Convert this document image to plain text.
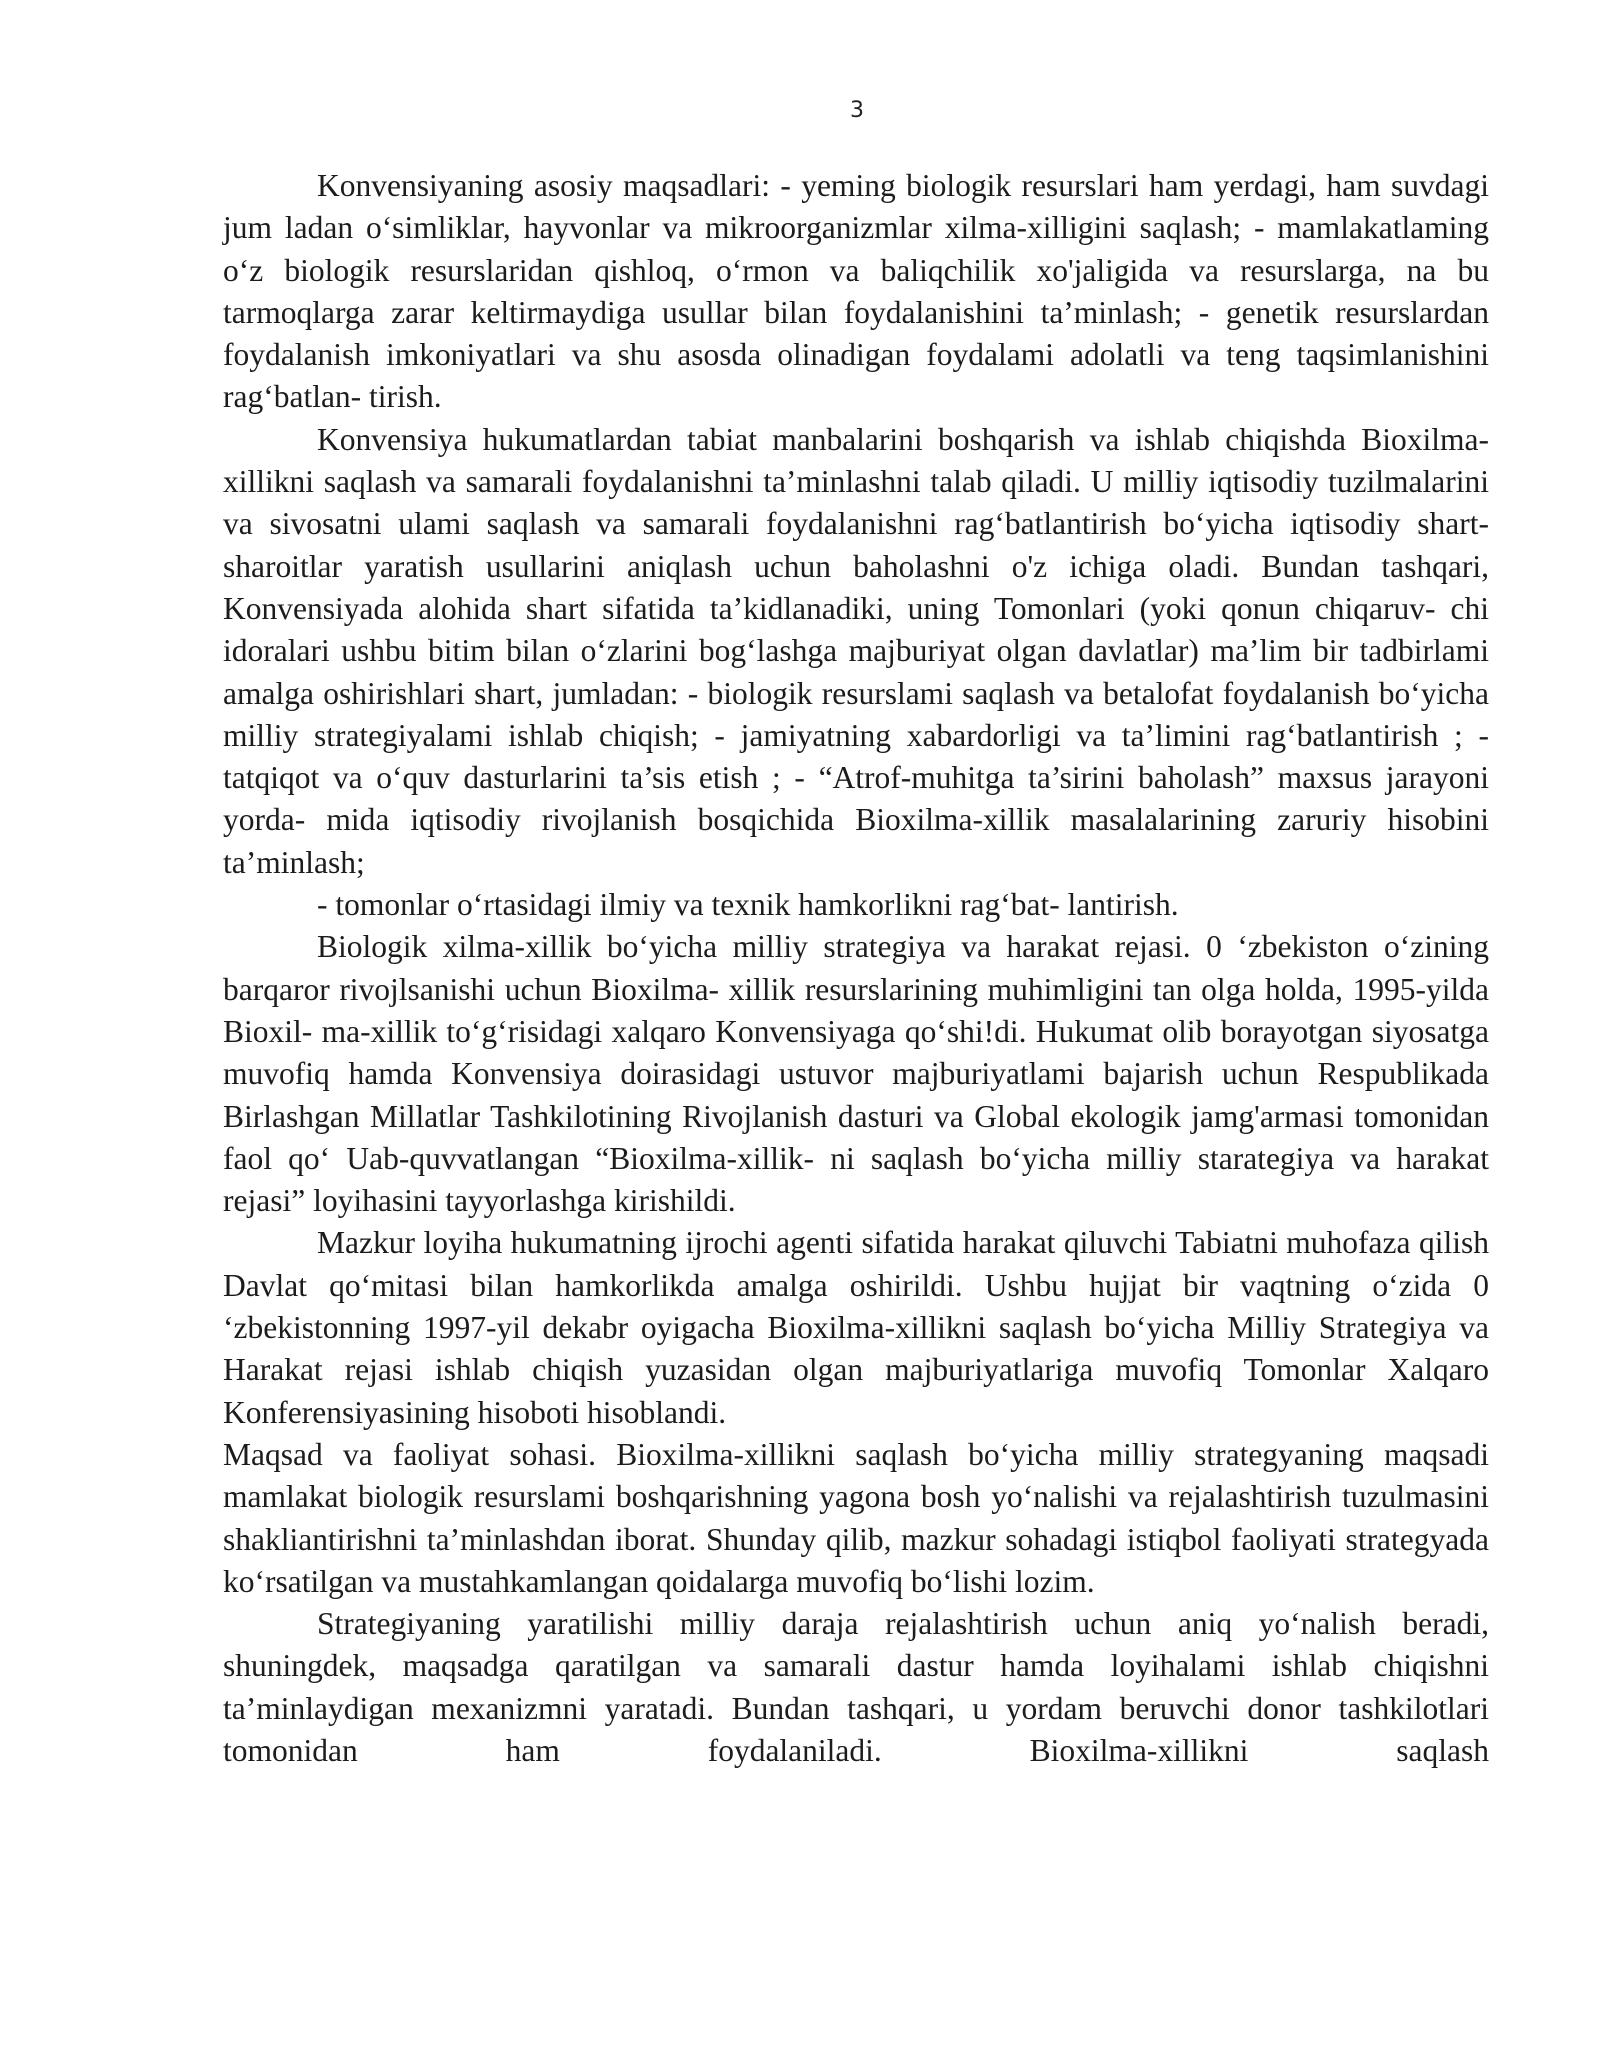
3

Konvensiyaning asosiy maqsadlari: - yeming biologik resurslari ham yerdagi, ham suvdagi jum ladan o‘simliklar, hayvonlar va mikroorganizmlar xilma-xilligini saqlash; - mamlakatlaming o‘z biologik resurslaridan qishloq, o‘rmon va baliqchilik xo'jaligida va resurslarga, na bu tarmoqlarga zarar keltirmaydiga usullar bilan foydalanishini ta’minlash; - genetik resurslardan foydalanish imkoniyatlari va shu asosda olinadigan foydalami adolatli va teng taqsimlanishini rag‘batlan- tirish.

Konvensiya hukumatlardan tabiat manbalarini boshqarish va ishlab chiqishda Bioxilma-xillikni saqlash va samarali foydalanishni ta’minlashni talab qiladi. U milliy iqtisodiy tuzilmalarini va sivosatni ulami saqlash va samarali foydalanishni rag‘batlantirish bo‘yicha iqtisodiy shart-sharoitlar yaratish usullarini aniqlash uchun baholashni o'z ichiga oladi. Bundan tashqari, Konvensiyada alohida shart sifatida ta’kidlanadiki, uning Tomonlari (yoki qonun chiqaruv- chi idoralari ushbu bitim bilan o‘zlarini bog‘lashga majburiyat olgan davlatlar) ma’lim bir tadbirlami amalga oshirishlari shart, jumladan: - biologik resurslami saqlash va betalofat foydalanish bo‘yicha milliy strategiyalami ishlab chiqish; - jamiyatning xabardorligi va ta’limini rag‘batlantirish ; - tatqiqot va o‘quv dasturlarini ta’sis etish ; - “Atrof-muhitga ta’sirini baholash” maxsus jarayoni yorda- mida iqtisodiy rivojlanish bosqichida Bioxilma-xillik masalalarining zaruriy hisobini ta’minlash;

- tomonlar o‘rtasidagi ilmiy va texnik hamkorlikni rag‘bat- lantirish.

Biologik xilma-xillik bo‘yicha milliy strategiya va harakat rejasi. 0 ‘zbekiston o‘zining barqaror rivojlsanishi uchun Bioxilma- xillik resurslarining muhimligini tan olga holda, 1995-yilda Bioxil- ma-xillik to‘g‘risidagi xalqaro Konvensiyaga qo‘shi!di. Hukumat olib borayotgan siyosatga muvofiq hamda Konvensiya doirasidagi ustuvor majburiyatlami bajarish uchun Respublikada Birlashgan Millatlar Tashkilotining Rivojlanish dasturi va Global ekologik jamg'armasi tomonidan faol qo‘ Uab-quvvatlangan “Bioxilma-xillik- ni saqlash bo‘yicha milliy starategiya va harakat rejasi” loyihasini tayyorlashga kirishildi.

Mazkur loyiha hukumatning ijrochi agenti sifatida harakat qiluvchi Tabiatni muhofaza qilish Davlat qo‘mitasi bilan hamkorlikda amalga oshirildi. Ushbu hujjat bir vaqtning o‘zida 0 ‘zbekistonning 1997-yil dekabr oyigacha Bioxilma-xillikni saqlash bo‘yicha Milliy Strategiya va Harakat rejasi ishlab chiqish yuzasidan olgan majburiyatlariga muvofiq Tomonlar Xalqaro Konferensiyasining hisoboti hisoblandi.

Maqsad va faoliyat sohasi. Bioxilma-xillikni saqlash bo‘yicha milliy strategyaning maqsadi mamlakat biologik resurslami boshqarishning yagona bosh yo‘nalishi va rejalashtirish tuzulmasini shakliantirishni ta’minlashdan iborat. Shunday qilib, mazkur sohadagi istiqbol faoliyati strategyada ko‘rsatilgan va mustahkamlangan qoidalarga muvofiq bo‘lishi lozim.

Strategiyaning yaratilishi milliy daraja rejalashtirish uchun aniq yo‘nalish beradi, shuningdek, maqsadga qaratilgan va samarali dastur hamda loyihalami ishlab chiqishni ta’minlaydigan mexanizmni yaratadi. Bundan tashqari, u yordam beruvchi donor tashkilotlari tomonidan ham foydalaniladi. Bioxilma-xillikni saqlash
